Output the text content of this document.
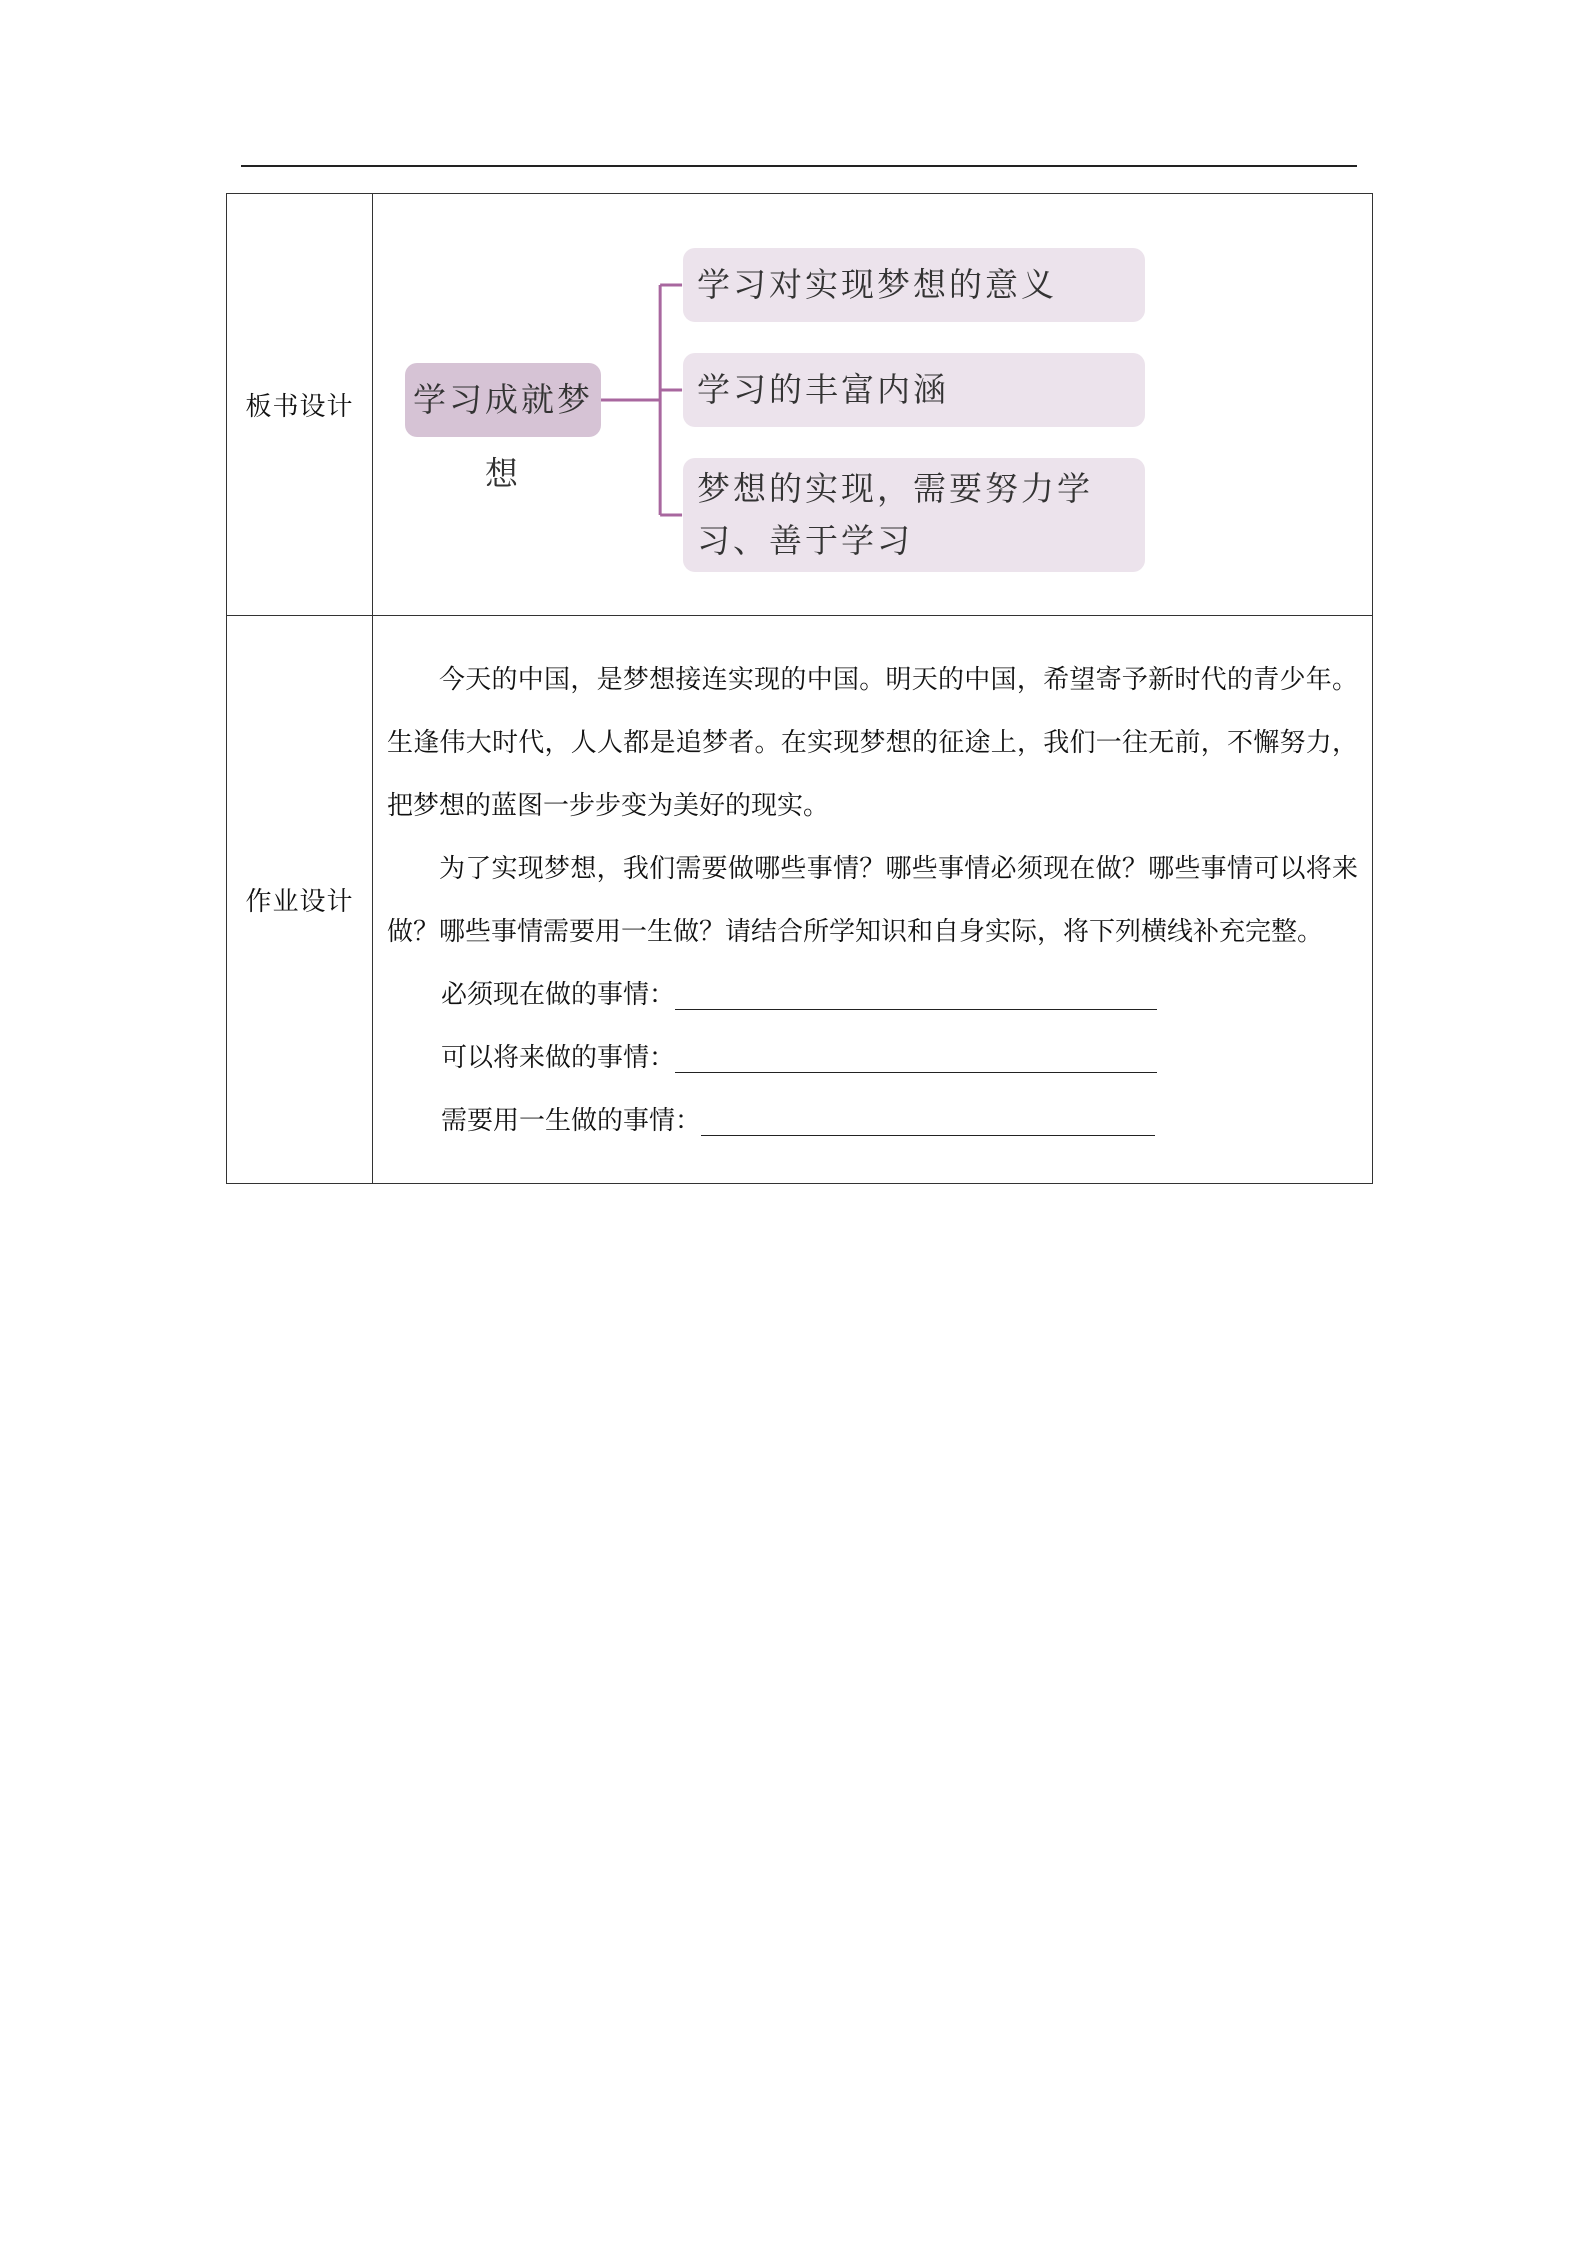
板书设计	学习成就梦想
学习对实现梦想的意义
学习的丰富内涵
梦想的实现，需要努力学习、善于学习

作业设计	今天的中国，是梦想接连实现的中国。明天的中国，希望寄予新时代的青少年。生逢伟大时代，人人都是追梦者。在实现梦想的征途上，我们一往无前，不懈努力，把梦想的蓝图一步步变为美好的现实。

为了实现梦想，我们需要做哪些事情？哪些事情必须现在做？哪些事情可以将来做？哪些事情需要用一生做？请结合所学知识和自身实际，将下列横线补充完整。

必须现在做的事情：
可以将来做的事情：
需要用一生做的事情：
